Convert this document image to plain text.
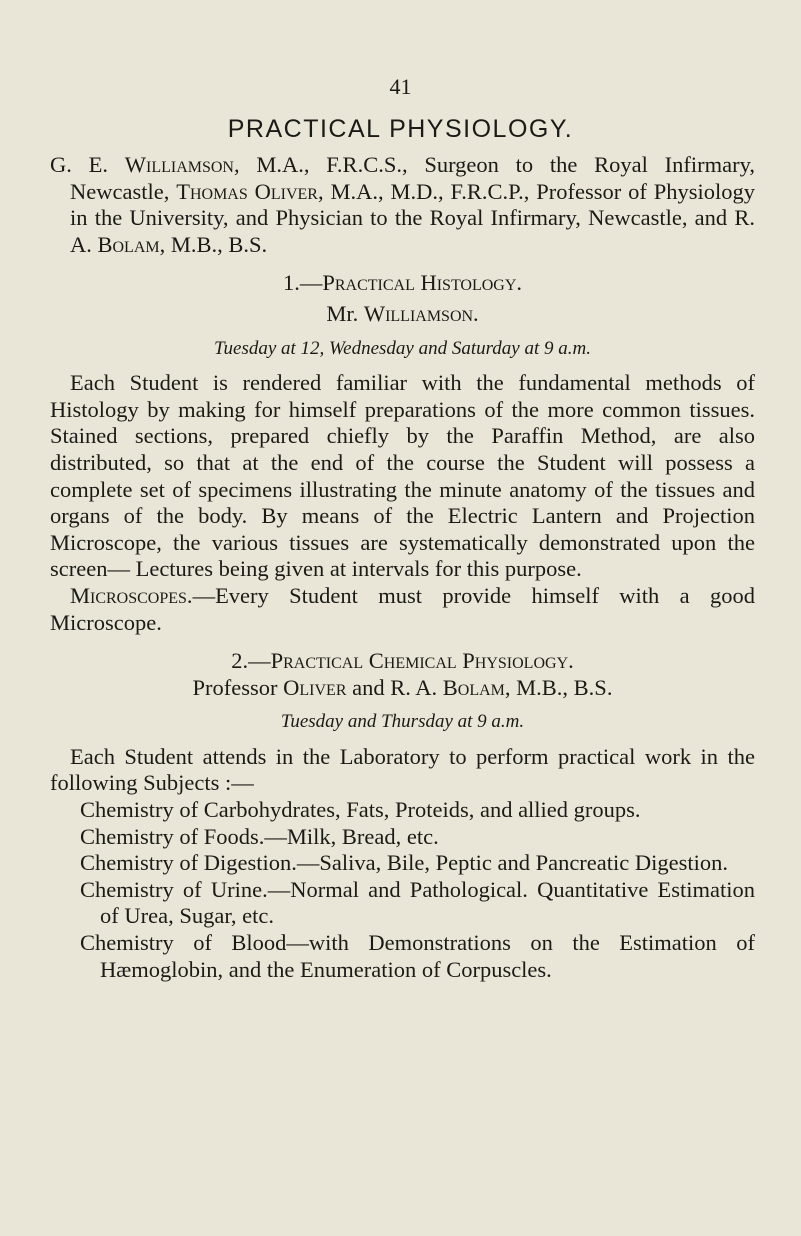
41
PRACTICAL PHYSIOLOGY.

G. E. Williamson, M.A., F.R.C.S., Surgeon to the Royal Infirmary, Newcastle, Thomas Oliver, M.A., M.D., F.R.C.P., Professor of Physiology in the University, and Physician to the Royal Infirmary, Newcastle, and R. A. Bolam, M.B., B.S.

1.—Practical Histology.

Mr. Williamson.

Tuesday at 12, Wednesday and Saturday at 9 a.m.

Each Student is rendered familiar with the fundamental methods of Histology by making for himself preparations of the more common tissues. Stained sections, prepared chiefly by the Paraffin Method, are also distributed, so that at the end of the course the Student will possess a complete set of specimens illustrating the minute anatomy of the tissues and organs of the body. By means of the Electric Lantern and Projection Microscope, the various tissues are systematically demonstrated upon the screen— Lectures being given at intervals for this purpose.

Microscopes.—Every Student must provide himself with a good Microscope.

2.—Practical Chemical Physiology.

Professor Oliver and R. A. Bolam, M.B., B.S.

Tuesday and Thursday at 9 a.m.

Each Student attends in the Laboratory to perform practical work in the following Subjects :—

Chemistry of Carbohydrates, Fats, Proteids, and allied groups.
Chemistry of Foods.—Milk, Bread, etc.
Chemistry of Digestion.—Saliva, Bile, Peptic and Pancreatic Digestion.
Chemistry of Urine.—Normal and Pathological. Quantitative Estimation of Urea, Sugar, etc.
Chemistry of Blood—with Demonstrations on the Estimation of Hæmoglobin, and the Enumeration of Corpuscles.
